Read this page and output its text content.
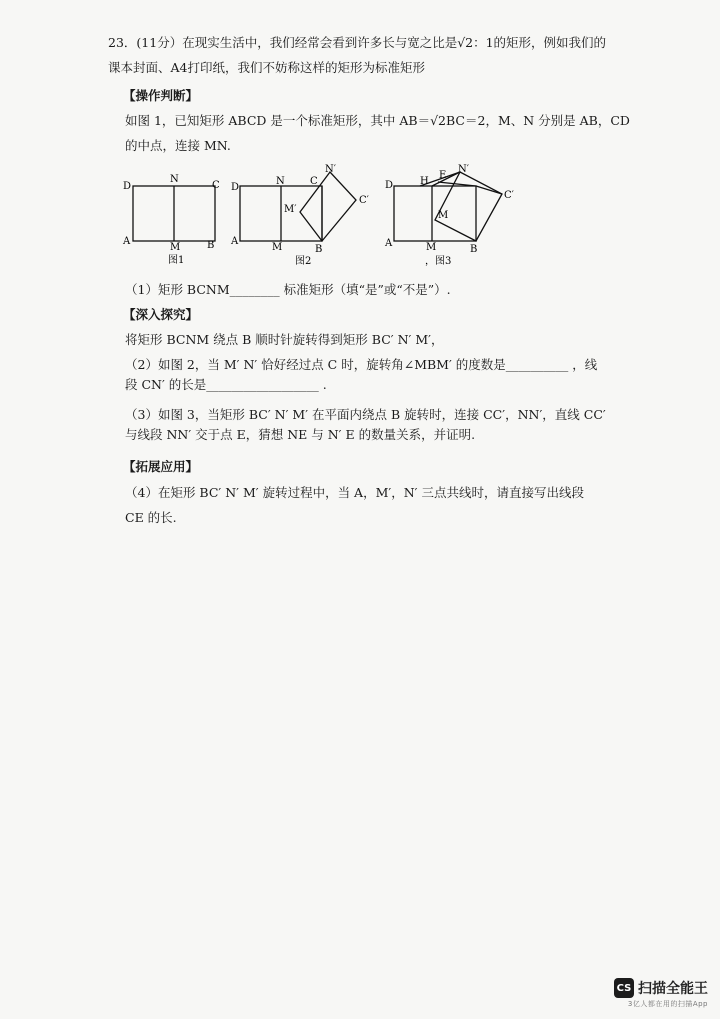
23．(11分）在现实生活中，我们经常会看到许多长与宽之比是√2：1的矩形，例如我们的
课本封面、A4打印纸，我们不妨称这样的矩形为标准矩形
【操作判断】
如图 1，已知矩形 ABCD 是一个标准矩形，其中 AB＝√2BC＝2，M、N 分别是 AB，CD
的中点，连接 MN.
D
N
C
A
M	B
图1
D
N	C
N′
C′
M′
A
M	B
图2
D	H
E
N′
C′
M
A	M	B
，图3
（1）矩形 BCNM________ 标准矩形（填“是”或“不是”）.
【深入探究】
将矩形 BCNM 绕点 B 顺时针旋转得到矩形 BC′ N′ M′，
（2）如图 2，当 M′ N′ 恰好经过点 C 时，旋转角∠MBM′ 的度数是__________ ，线
段 CN′ 的长是__________________ .
（3）如图 3，当矩形 BC′ N′ M′ 在平面内绕点 B 旋转时，连接 CC′，NN′，直线 CC′
与线段 NN′ 交于点 E，猜想 NE 与 N′ E 的数量关系，并证明.
【拓展应用】
（4）在矩形 BC′ N′ M′ 旋转过程中，当 A，M′，N′ 三点共线时，请直接写出线段
CE 的长.
CS 扫描全能王
3亿人都在用的扫描App
